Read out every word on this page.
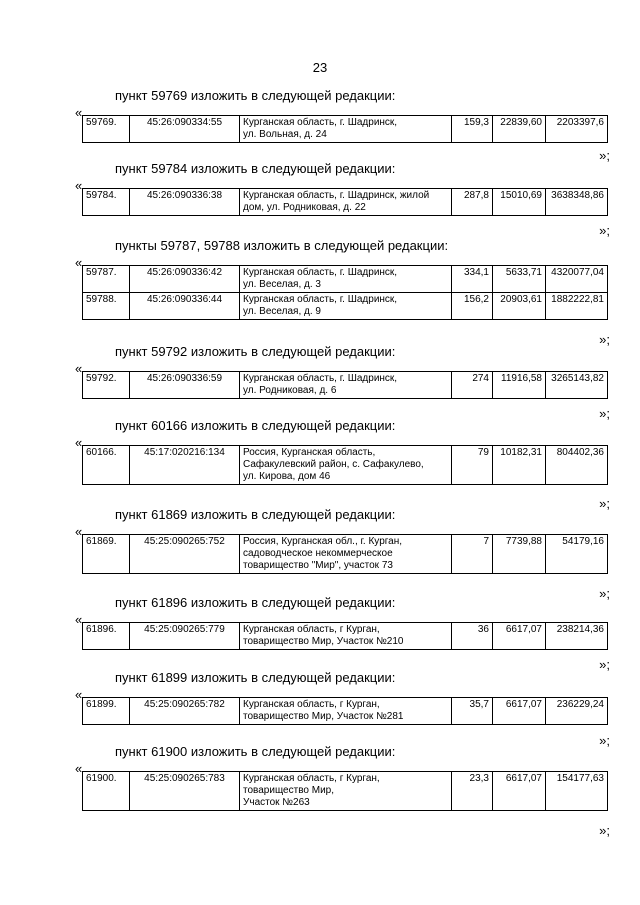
23
пункт 59769 изложить в следующей редакции:
«
59769.	45:26:090334:55	Курганская область, г. Шадринск,
ул. Вольная, д. 24
	159,3	22839,60	2203397,6
»;
пункт 59784 изложить в следующей редакции:
«
59784.	45:26:090336:38	Курганская область, г. Шадринск, жилой
дом, ул. Родниковая, д. 22
	287,8	15010,69	3638348,86
»;
пункты 59787, 59788 изложить в следующей редакции:
«
59787.	45:26:090336:42	Курганская область, г. Шадринск,
ул. Веселая, д. 3	334,1	5633,71	4320077,04
59788.	45:26:090336:44	Курганская область, г. Шадринск,
ул. Веселая, д. 9	156,2	20903,61	1882222,81
»;
пункт 59792 изложить в следующей редакции:
«
59792.	45:26:090336:59	Курганская область, г. Шадринск,
ул. Родниковая, д. 6
	274	11916,58	3265143,82
»;
пункт 60166 изложить в следующей редакции:
«
60166.	45:17:020216:134	Россия, Курганская область,
Сафакулевский район, с. Сафакулево,
ул. Кирова, дом 46
	79	10182,31	804402,36
»;
пункт 61869 изложить в следующей редакции:
«
61869.	45:25:090265:752	Россия, Курганская обл., г. Курган,
садоводческое некоммерческое
товарищество "Мир", участок 73
	7	7739,88	54179,16
»;
пункт 61896 изложить в следующей редакции:
«
61896.	45:25:090265:779	Курганская область, г Курган,
товарищество Мир, Участок №210
	36	6617,07	238214,36
»;
пункт 61899 изложить в следующей редакции:
«
61899.	45:25:090265:782	Курганская область, г Курган,
товарищество Мир, Участок №281
	35,7	6617,07	236229,24
»;
пункт 61900 изложить в следующей редакции:
«
61900.	45:25:090265:783	Курганская область, г Курган,
товарищество Мир,
Участок №263
	23,3	6617,07	154177,63
»;
